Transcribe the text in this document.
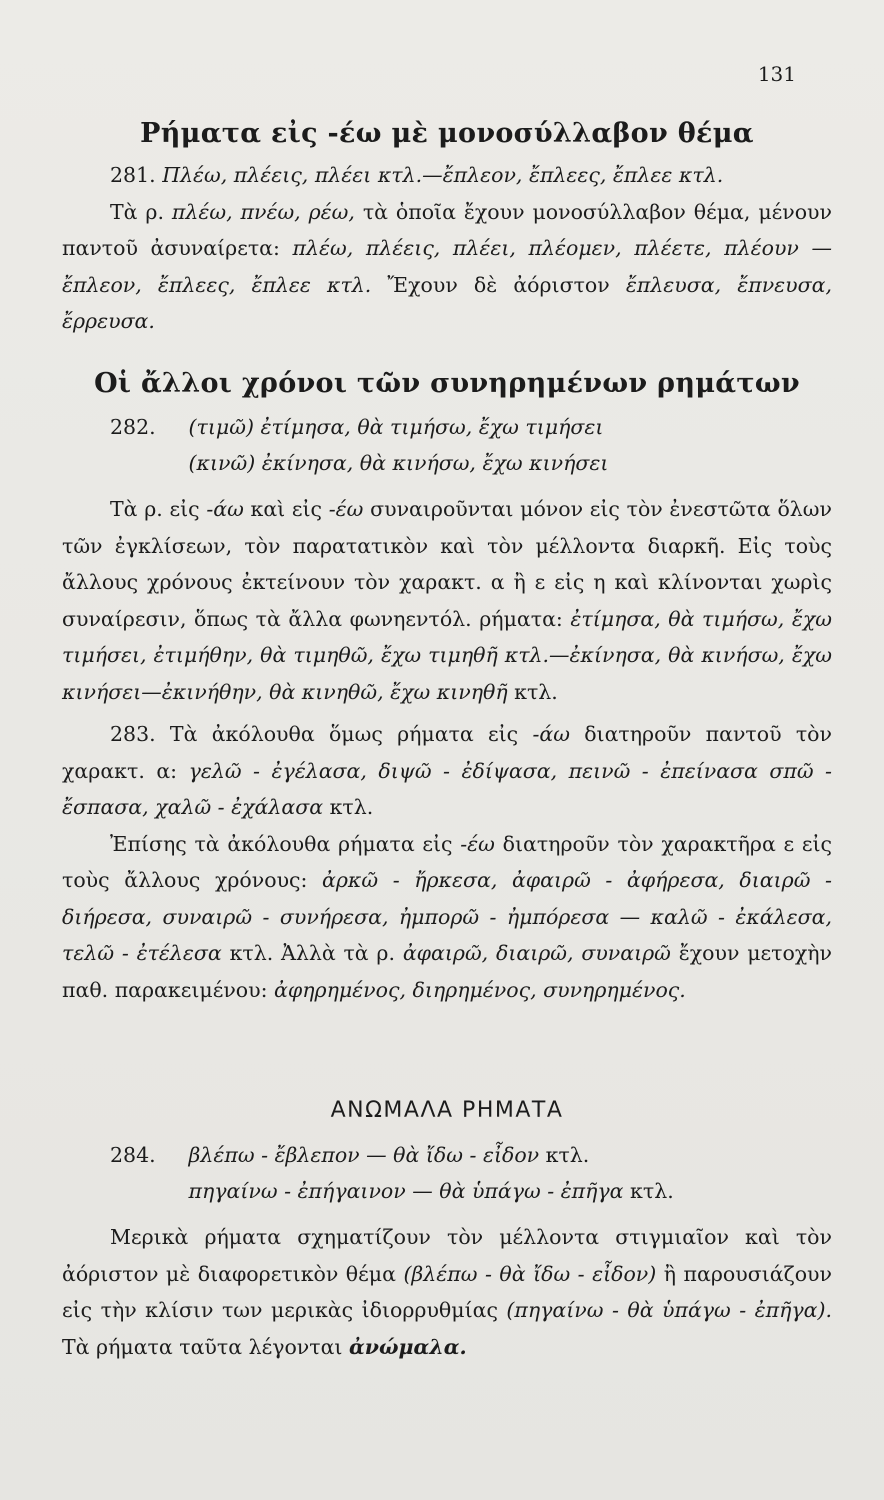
131
Ρήματα εἰς -έω μὲ μονοσύλλαβον θέμα

281. Πλέω, πλέεις, πλέει κτλ.—ἔπλεον, ἔπλεες, ἔπλεε κτλ.

Τὰ ρ. πλέω, πνέω, ρέω, τὰ ὁποῖα ἔχουν μονοσύλλαβον θέμα, μένουν παντοῦ ἀσυναίρετα: πλέω, πλέεις, πλέει, πλέομεν, πλέετε, πλέουν — ἔπλεον, ἔπλεες, ἔπλεε κτλ. Ἔχουν δὲ ἀόριστον ἔπλευσα, ἔπνευσα, ἔρρευσα.

Οἱ ἄλλοι χρόνοι τῶν συνηρημένων ρημάτων
282. (τιμῶ) ἐτίμησα, θὰ τιμήσω, ἔχω τιμήσει
(κινῶ) ἐκίνησα, θὰ κινήσω, ἔχω κινήσει

Τὰ ρ. εἰς -άω καὶ εἰς -έω συναιροῦνται μόνον εἰς τὸν ἐνεστῶτα ὅλων τῶν ἐγκλίσεων, τὸν παρατατικὸν καὶ τὸν μέλλοντα διαρκῆ. Εἰς τοὺς ἄλλους χρόνους ἐκτείνουν τὸν χαρακτ. α ἢ ε εἰς η καὶ κλίνονται χωρὶς συναίρεσιν, ὅπως τὰ ἄλλα φωνηεντόλ. ρήματα: ἐτίμησα, θὰ τιμήσω, ἔχω τιμήσει, ἐτιμήθην, θὰ τιμηθῶ, ἔχω τιμηθῆ κτλ.—ἐκίνησα, θὰ κινήσω, ἔχω κινήσει—ἐκινήθην, θὰ κινηθῶ, ἔχω κινηθῆ κτλ.

283. Τὰ ἀκόλουθα ὅμως ρήματα εἰς -άω διατηροῦν παντοῦ τὸν χαρακτ. α: γελῶ - ἐγέλασα, διψῶ - ἐδίψασα, πεινῶ - ἐπείνασα σπῶ - ἔσπασα, χαλῶ - ἐχάλασα κτλ.

Ἐπίσης τὰ ἀκόλουθα ρήματα εἰς -έω διατηροῦν τὸν χαρακτῆρα ε εἰς τοὺς ἄλλους χρόνους: ἀρκῶ - ἤρκεσα, ἀφαιρῶ - ἀφήρεσα, διαιρῶ - διήρεσα, συναιρῶ - συνήρεσα, ἠμπορῶ - ἠμπόρεσα — καλῶ - ἐκάλεσα, τελῶ - ἐτέλεσα κτλ. Ἀλλὰ τὰ ρ. ἀφαιρῶ, διαιρῶ, συναιρῶ ἔχουν μετοχὴν παθ. παρακειμένου: ἀφηρημένος, διηρημένος, συνηρημένος.

ΑΝΩΜΑΛΑ ΡΗΜΑΤΑ
284. βλέπω - ἔβλεπον — θὰ ἴδω - εἶδον κτλ.
πηγαίνω - ἐπήγαινον — θὰ ὑπάγω - ἐπῆγα κτλ.

Μερικὰ ρήματα σχηματίζουν τὸν μέλλοντα στιγμιαῖον καὶ τὸν ἀόριστον μὲ διαφορετικὸν θέμα (βλέπω - θὰ ἴδω - εἶδον) ἢ παρουσιάζουν εἰς τὴν κλίσιν των μερικὰς ἰδιορρυθμίας (πηγαίνω - θὰ ὑπάγω - ἐπῆγα). Τὰ ρήματα ταῦτα λέγονται ἀνώμαλα.
